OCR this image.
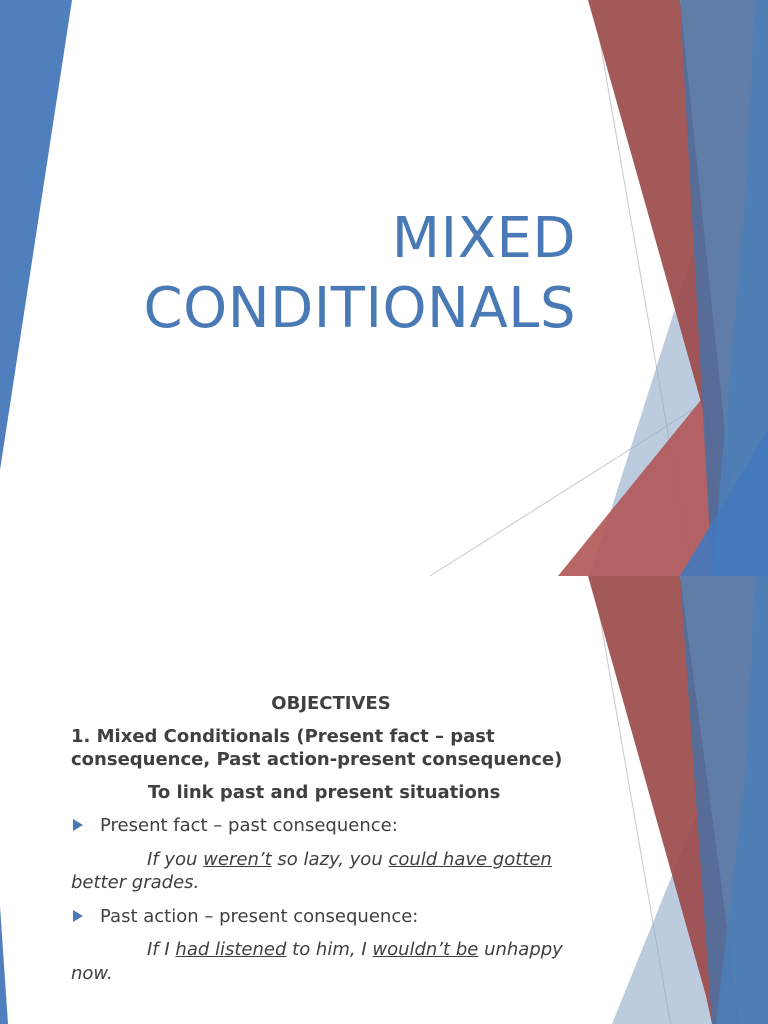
MIXED
CONDITIONALS
OBJECTIVES
1. Mixed Conditionals (Present fact – past consequence, Past action-present consequence)
To link past and present situations
Present fact – past consequence:
If you weren’t so lazy, you could have gotten better grades.
Past action – present consequence:
If I had listened to him, I wouldn’t be unhappy now.
